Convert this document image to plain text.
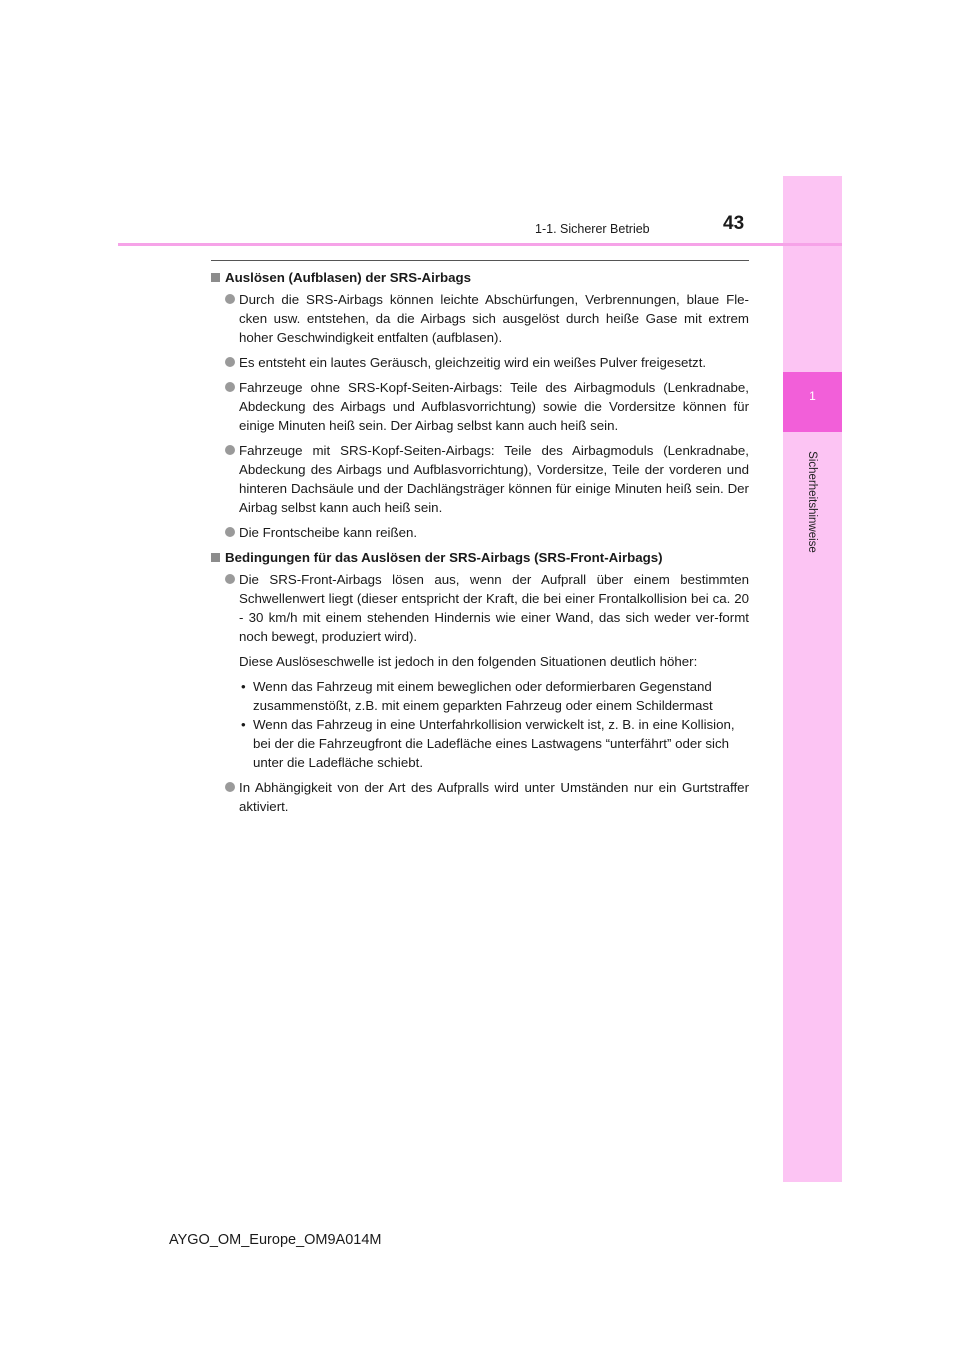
1
Sicherheitshinweise
1-1. Sicherer Betrieb	43
Auslösen (Aufblasen) der SRS-Airbags
Durch die SRS-Airbags können leichte Abschürfungen, Verbrennungen, blaue Fle-cken usw. entstehen, da die Airbags sich ausgelöst durch heiße Gase mit extrem hoher Geschwindigkeit entfalten (aufblasen).
Es entsteht ein lautes Geräusch, gleichzeitig wird ein weißes Pulver freigesetzt.
Fahrzeuge ohne SRS-Kopf-Seiten-Airbags: Teile des Airbagmoduls (Lenkradnabe, Abdeckung des Airbags und Aufblasvorrichtung) sowie die Vordersitze können für einige Minuten heiß sein. Der Airbag selbst kann auch heiß sein.
Fahrzeuge mit SRS-Kopf-Seiten-Airbags: Teile des Airbagmoduls (Lenkradnabe, Abdeckung des Airbags und Aufblasvorrichtung), Vordersitze, Teile der vorderen und hinteren Dachsäule und der Dachlängsträger können für einige Minuten heiß sein. Der Airbag selbst kann auch heiß sein.
Die Frontscheibe kann reißen.
Bedingungen für das Auslösen der SRS-Airbags (SRS-Front-Airbags)
Die SRS-Front-Airbags lösen aus, wenn der Aufprall über einem bestimmten Schwellenwert liegt (dieser entspricht der Kraft, die bei einer Frontalkollision bei ca. 20 - 30 km/h mit einem stehenden Hindernis wie einer Wand, das sich weder ver-formt noch bewegt, produziert wird).
Diese Auslöseschwelle ist jedoch in den folgenden Situationen deutlich höher:
• Wenn das Fahrzeug mit einem beweglichen oder deformierbaren Gegenstand zusammenstößt, z.B. mit einem geparkten Fahrzeug oder einem Schildermast
• Wenn das Fahrzeug in eine Unterfahrkollision verwickelt ist, z. B. in eine Kollision, bei der die Fahrzeugfront die Ladefläche eines Lastwagens “unterfährt” oder sich unter die Ladefläche schiebt.
In Abhängigkeit von der Art des Aufpralls wird unter Umständen nur ein Gurtstraffer aktiviert.
AYGO_OM_Europe_OM9A014M
